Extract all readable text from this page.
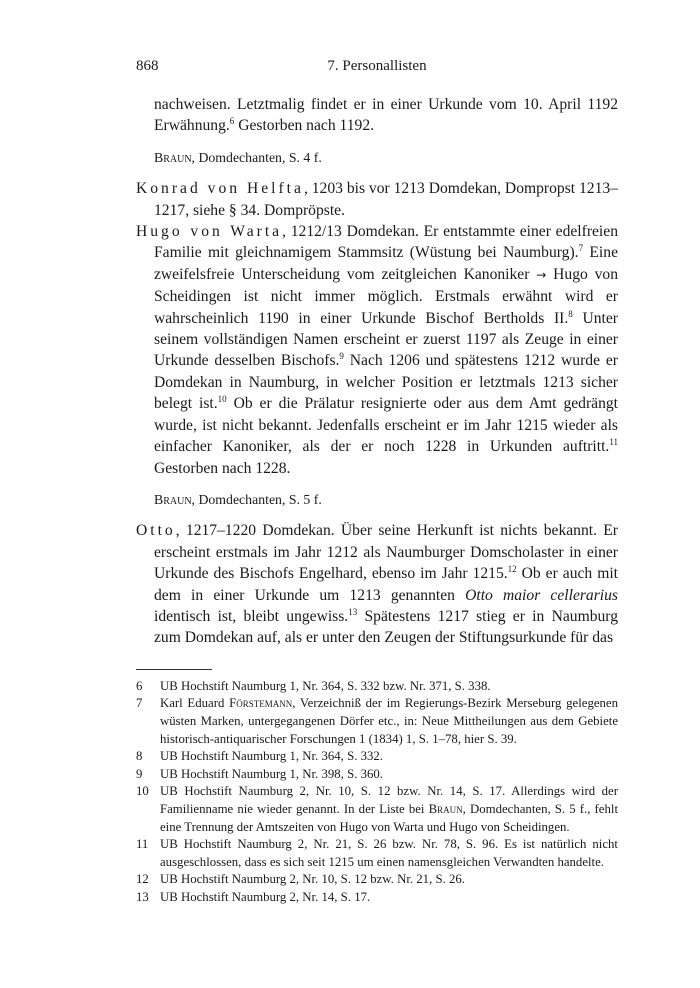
868	7. Personallisten

nachweisen. Letztmalig findet er in einer Urkunde vom 10. April 1192 Erwähnung.$^6$ Gestorben nach 1192.

Braun, Domdechanten, S. 4 f.

Konrad von Helfta, 1203 bis vor 1213 Domdekan, Dompropst 1213–1217, siehe § 34. Dompröpste.

Hugo von Warta, 1212/13 Domdekan. Er entstammte einer edelfreien Familie mit gleichnamigem Stammsitz (Wüstung bei Naumburg).$^7$ Eine zweifelsfreie Unterscheidung vom zeitgleichen Kanoniker → Hugo von Scheidingen ist nicht immer möglich. Erstmals erwähnt wird er wahrscheinlich 1190 in einer Urkunde Bischof Bertholds II.$^8$ Unter seinem vollständigen Namen erscheint er zuerst 1197 als Zeuge in einer Urkunde desselben Bischofs.$^9$ Nach 1206 und spätestens 1212 wurde er Domdekan in Naumburg, in welcher Position er letztmals 1213 sicher belegt ist.$^{10}$ Ob er die Prälatur resignierte oder aus dem Amt gedrängt wurde, ist nicht bekannt. Jedenfalls erscheint er im Jahr 1215 wieder als einfacher Kanoniker, als der er noch 1228 in Urkunden auftritt.$^{11}$ Gestorben nach 1228.

Braun, Domdechanten, S. 5 f.

Otto, 1217–1220 Domdekan. Über seine Herkunft ist nichts bekannt. Er erscheint erstmals im Jahr 1212 als Naumburger Domscholaster in einer Urkunde des Bischofs Engelhard, ebenso im Jahr 1215.12 Ob er auch mit dem in einer Urkunde um 1213 genannten Otto maior cellerarius identisch ist, bleibt ungewiss.$^{13}$ Spätestens 1217 stieg er in Naumburg zum Domdekan auf, als er unter den Zeugen der Stiftungsurkunde für das

6	UB Hochstift Naumburg 1, Nr. 364, S. 332 bzw. Nr. 371, S. 338.
7	Karl Eduard Förstemann, Verzeichniß der im Regierungs-Bezirk Merseburg gelegenen wüsten Marken, untergegangenen Dörfer etc., in: Neue Mittheilungen aus dem Gebiete historisch-antiquarischer Forschungen 1 (1834) 1, S. 1–78, hier S. 39.
8	UB Hochstift Naumburg 1, Nr. 364, S. 332.
9	UB Hochstift Naumburg 1, Nr. 398, S. 360.
10 UB Hochstift Naumburg 2, Nr. 10, S. 12 bzw. Nr. 14, S. 17. Allerdings wird der Familienname nie wieder genannt. In der Liste bei Braun, Domdechanten, S. 5 f., fehlt eine Trennung der Amtszeiten von Hugo von Warta und Hugo von Scheidingen.
11 UB Hochstift Naumburg 2, Nr. 21, S. 26 bzw. Nr. 78, S. 96. Es ist natürlich nicht ausgeschlossen, dass es sich seit 1215 um einen namensgleichen Verwandten handelte.
12 UB Hochstift Naumburg 2, Nr. 10, S. 12 bzw. Nr. 21, S. 26.
13 UB Hochstift Naumburg 2, Nr. 14, S. 17.
